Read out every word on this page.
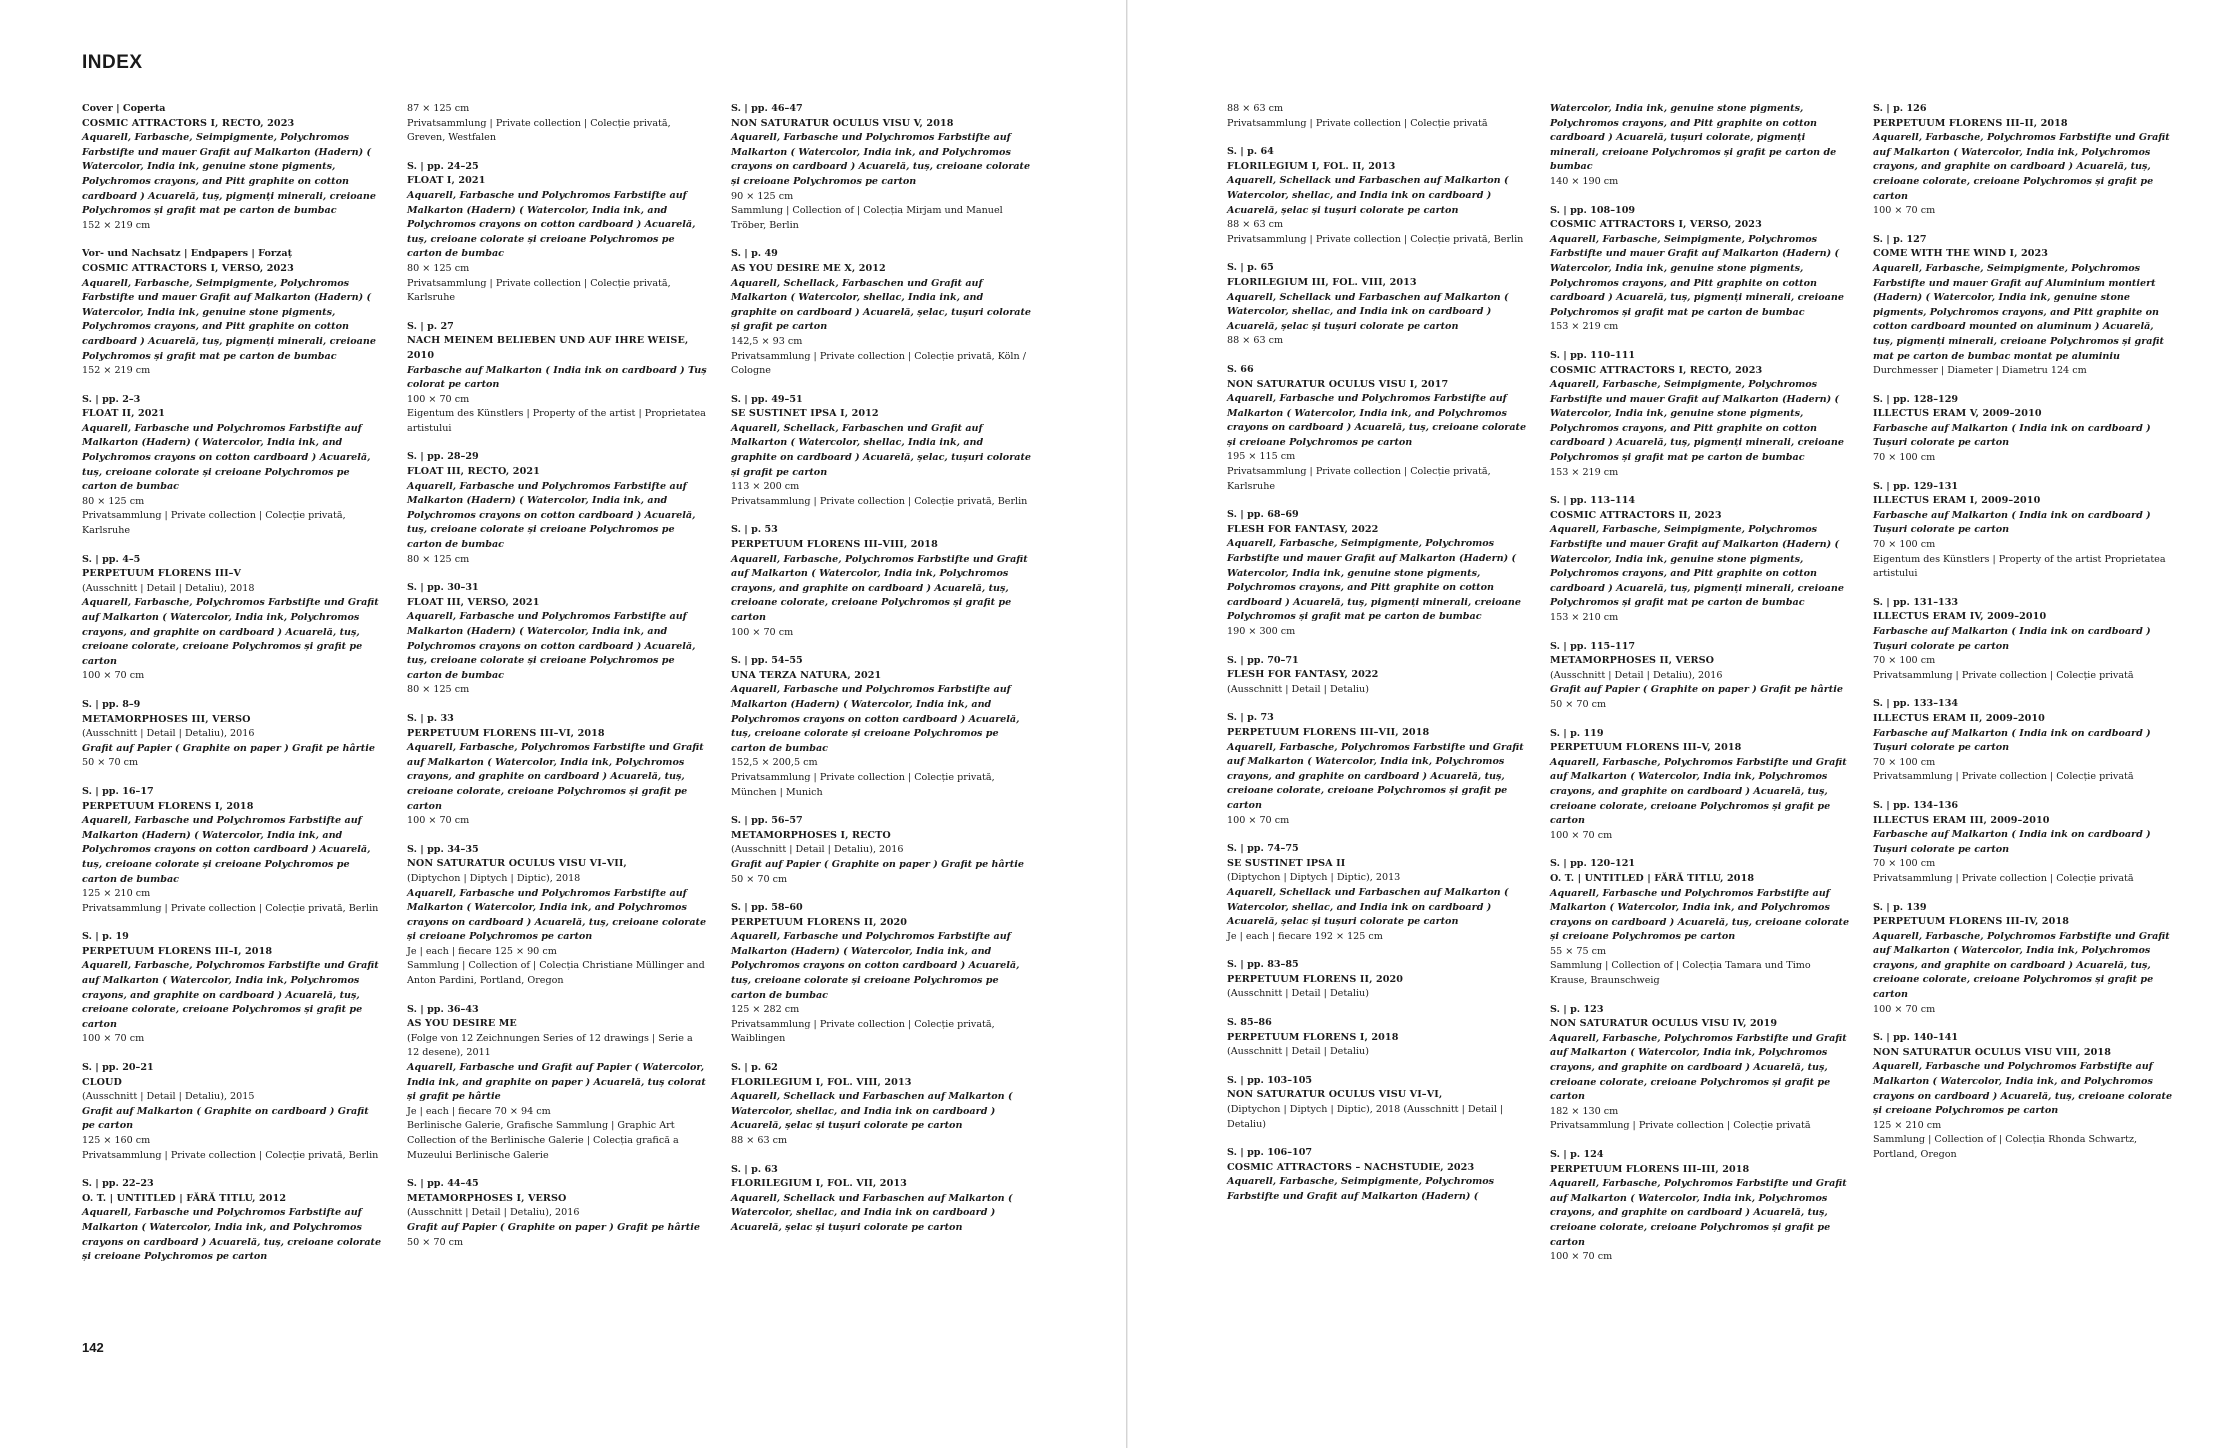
INDEX
Cover | Coperta
COSMIC ATTRACTORS I, RECTO, 2023
Aquarell, Farbasche, Seimpigmente, Polychromos Farbstifte und mauer Grafit auf Malkarton (Hadern) ( Watercolor, India ink, genuine stone pigments, Polychromos crayons, and Pitt graphite on cotton cardboard ) Acuarelă, tuș, pigmenți minerali, creioane Polychromos și grafit mat pe carton de bumbac
152 × 219 cm
Vor- und Nachsatz | Endpapers | Forzaț
COSMIC ATTRACTORS I, VERSO, 2023
Aquarell, Farbasche, Seimpigmente, Polychromos Farbstifte und mauer Grafit auf Malkarton (Hadern) ( Watercolor, India ink, genuine stone pigments, Polychromos crayons, and Pitt graphite on cotton cardboard ) Acuarelă, tuș, pigmenți minerali, creioane Polychromos și grafit mat pe carton de bumbac
152 × 219 cm
S. | pp. 2–3
FLOAT II, 2021
Aquarell, Farbasche und Polychromos Farbstifte auf Malkarton (Hadern) ( Watercolor, India ink, and Polychromos crayons on cotton cardboard ) Acuarelă, tuș, creioane colorate și creioane Polychromos pe carton de bumbac
80 × 125 cm
Privatsammlung | Private collection | Colecție privată, Karlsruhe
S. | pp. 4–5
PERPETUUM FLORENS III–V
(Ausschnitt | Detail | Detaliu), 2018
Aquarell, Farbasche, Polychromos Farbstifte und Grafit auf Malkarton ( Watercolor, India ink, Polychromos crayons, and graphite on cardboard ) Acuarelă, tuș, creioane colorate, creioane Polychromos și grafit pe carton
100 × 70 cm
S. | pp. 8–9
METAMORPHOSES III, VERSO
(Ausschnitt | Detail | Detaliu), 2016
Grafit auf Papier ( Graphite on paper ) Grafit pe hârtie
50 × 70 cm
S. | pp. 16–17
PERPETUUM FLORENS I, 2018
Aquarell, Farbasche und Polychromos Farbstifte auf Malkarton (Hadern) ( Watercolor, India ink, and Polychromos crayons on cotton cardboard ) Acuarelă, tuș, creioane colorate și creioane Polychromos pe carton de bumbac
125 × 210 cm
Privatsammlung | Private collection | Colecție privată, Berlin
S. | p. 19
PERPETUUM FLORENS III–I, 2018
Aquarell, Farbasche, Polychromos Farbstifte und Grafit auf Malkarton ( Watercolor, India ink, Polychromos crayons, and graphite on cardboard ) Acuarelă, tuș, creioane colorate, creioane Polychromos și grafit pe carton
100 × 70 cm
S. | pp. 20–21
CLOUD
(Ausschnitt | Detail | Detaliu), 2015
Grafit auf Malkarton ( Graphite on cardboard ) Grafit pe carton
125 × 160 cm
Privatsammlung | Private collection | Colecție privată, Berlin
S. | pp. 22–23
O. T. | UNTITLED | FĂRĂ TITLU, 2012
Aquarell, Farbasche und Polychromos Farbstifte auf Malkarton ( Watercolor, India ink, and Polychromos crayons on cardboard ) Acuarelă, tuș, creioane colorate și creioane Polychromos pe carton
87 × 125 cm
Privatsammlung | Private collection | Colecție privată, Greven, Westfalen
S. | pp. 24–25
FLOAT I, 2021
Aquarell, Farbasche und Polychromos Farbstifte auf Malkarton (Hadern) ( Watercolor, India ink, and Polychromos crayons on cotton cardboard ) Acuarelă, tuș, creioane colorate și creioane Polychromos pe carton de bumbac
80 × 125 cm
Privatsammlung | Private collection | Colecție privată, Karlsruhe
S. | p. 27
NACH MEINEM BELIEBEN UND AUF IHRE WEISE, 2010
Farbasche auf Malkarton ( India ink on cardboard ) Tuș colorat pe carton
100 × 70 cm
Eigentum des Künstlers | Property of the artist | Proprietatea artistului
S. | pp. 28–29
FLOAT III, RECTO, 2021
Aquarell, Farbasche und Polychromos Farbstifte auf Malkarton (Hadern) ( Watercolor, India ink, and Polychromos crayons on cotton cardboard ) Acuarelă, tuș, creioane colorate și creioane Polychromos pe carton de bumbac
80 × 125 cm
S. | pp. 30–31
FLOAT III, VERSO, 2021
Aquarell, Farbasche und Polychromos Farbstifte auf Malkarton (Hadern) ( Watercolor, India ink, and Polychromos crayons on cotton cardboard ) Acuarelă, tuș, creioane colorate și creioane Polychromos pe carton de bumbac
80 × 125 cm
S. | p. 33
PERPETUUM FLORENS III–VI, 2018
Aquarell, Farbasche, Polychromos Farbstifte und Grafit auf Malkarton ( Watercolor, India ink, Polychromos crayons, and graphite on cardboard ) Acuarelă, tuș, creioane colorate, creioane Polychromos și grafit pe carton
100 × 70 cm
S. | pp. 34–35
NON SATURATUR OCULUS VISU VI–VII,
(Diptychon | Diptych | Diptic), 2018
Aquarell, Farbasche und Polychromos Farbstifte auf Malkarton ( Watercolor, India ink, and Polychromos crayons on cardboard ) Acuarelă, tuș, creioane colorate și creioane Polychromos pe carton
Je | each | fiecare 125 × 90 cm
Sammlung | Collection of | Colecția Christiane Müllinger and Anton Pardini, Portland, Oregon
S. | pp. 36–43
AS YOU DESIRE ME
(Folge von 12 Zeichnungen Series of 12 drawings | Serie a 12 desene), 2011
Aquarell, Farbasche und Grafit auf Papier ( Watercolor, India ink, and graphite on paper ) Acuarelă, tuș colorat și grafit pe hârtie
Je | each | fiecare 70 × 94 cm
Berlinische Galerie, Grafische Sammlung | Graphic Art Collection of the Berlinische Galerie | Colecția grafică a Muzeului Berlinische Galerie
S. | pp. 44–45
METAMORPHOSES I, VERSO
(Ausschnitt | Detail | Detaliu), 2016
Grafit auf Papier ( Graphite on paper ) Grafit pe hârtie
50 × 70 cm
S. | pp. 46–47
NON SATURATUR OCULUS VISU V, 2018
Aquarell, Farbasche und Polychromos Farbstifte auf Malkarton ( Watercolor, India ink, and Polychromos crayons on cardboard ) Acuarelă, tuș, creioane colorate și creioane Polychromos pe carton
90 × 125 cm
Sammlung | Collection of | Colecția Mirjam und Manuel Tröber, Berlin
S. | p. 49
AS YOU DESIRE ME X, 2012
Aquarell, Schellack, Farbaschen und Grafit auf Malkarton ( Watercolor, shellac, India ink, and graphite on cardboard ) Acuarelă, șelac, tușuri colorate și grafit pe carton
142,5 × 93 cm
Privatsammlung | Private collection | Colecție privată, Köln / Cologne
S. | pp. 49–51
SE SUSTINET IPSA I, 2012
Aquarell, Schellack, Farbaschen und Grafit auf Malkarton ( Watercolor, shellac, India ink, and graphite on cardboard ) Acuarelă, șelac, tușuri colorate și grafit pe carton
113 × 200 cm
Privatsammlung | Private collection | Colecție privată, Berlin
S. | p. 53
PERPETUUM FLORENS III–VIII, 2018
Aquarell, Farbasche, Polychromos Farbstifte und Grafit auf Malkarton ( Watercolor, India ink, Polychromos crayons, and graphite on cardboard ) Acuarelă, tuș, creioane colorate, creioane Polychromos și grafit pe carton
100 × 70 cm
S. | pp. 54–55
UNA TERZA NATURA, 2021
Aquarell, Farbasche und Polychromos Farbstifte auf Malkarton (Hadern) ( Watercolor, India ink, and Polychromos crayons on cotton cardboard ) Acuarelă, tuș, creioane colorate și creioane Polychromos pe carton de bumbac
152,5 × 200,5 cm
Privatsammlung | Private collection | Colecție privată, München | Munich
S. | pp. 56–57
METAMORPHOSES I, RECTO
(Ausschnitt | Detail | Detaliu), 2016
Grafit auf Papier ( Graphite on paper ) Grafit pe hârtie
50 × 70 cm
S. | pp. 58–60
PERPETUUM FLORENS II, 2020
Aquarell, Farbasche und Polychromos Farbstifte auf Malkarton (Hadern) ( Watercolor, India ink, and Polychromos crayons on cotton cardboard ) Acuarelă, tuș, creioane colorate și creioane Polychromos pe carton de bumbac
125 × 282 cm
Privatsammlung | Private collection | Colecție privată, Waiblingen
S. | p. 62
FLORILEGIUM I, FOL. VIII, 2013
Aquarell, Schellack und Farbaschen auf Malkarton ( Watercolor, shellac, and India ink on cardboard ) Acuarelă, șelac și tușuri colorate pe carton
88 × 63 cm
S. | p. 63
FLORILEGIUM I, FOL. VII, 2013
Aquarell, Schellack und Farbaschen auf Malkarton ( Watercolor, shellac, and India ink on cardboard ) Acuarelă, șelac și tușuri colorate pe carton
142
88 × 63 cm
Privatsammlung | Private collection | Colecție privată
S. | p. 64
FLORILEGIUM I, FOL. II, 2013
Aquarell, Schellack und Farbaschen auf Malkarton ( Watercolor, shellac, and India ink on cardboard ) Acuarelă, șelac și tușuri colorate pe carton
88 × 63 cm
Privatsammlung | Private collection | Colecție privată, Berlin
S. | p. 65
FLORILEGIUM III, FOL. VIII, 2013
Aquarell, Schellack und Farbaschen auf Malkarton ( Watercolor, shellac, and India ink on cardboard ) Acuarelă, șelac și tușuri colorate pe carton
88 × 63 cm
S. 66
NON SATURATUR OCULUS VISU I, 2017
Aquarell, Farbasche und Polychromos Farbstifte auf Malkarton ( Watercolor, India ink, and Polychromos crayons on cardboard ) Acuarelă, tuș, creioane colorate și creioane Polychromos pe carton
195 × 115 cm
Privatsammlung | Private collection | Colecție privată, Karlsruhe
S. | pp. 68–69
FLESH FOR FANTASY, 2022
Aquarell, Farbasche, Seimpigmente, Polychromos Farbstifte und mauer Grafit auf Malkarton (Hadern) ( Watercolor, India ink, genuine stone pigments, Polychromos crayons, and Pitt graphite on cotton cardboard ) Acuarelă, tuș, pigmenți minerali, creioane Polychromos și grafit mat pe carton de bumbac
190 × 300 cm
S. | pp. 70–71
FLESH FOR FANTASY, 2022
(Ausschnitt | Detail | Detaliu)
S. | p. 73
PERPETUUM FLORENS III–VII, 2018
Aquarell, Farbasche, Polychromos Farbstifte und Grafit auf Malkarton ( Watercolor, India ink, Polychromos crayons, and graphite on cardboard ) Acuarelă, tuș, creioane colorate, creioane Polychromos și grafit pe carton
100 × 70 cm
S. | pp. 74–75
SE SUSTINET IPSA II
(Diptychon | Diptych | Diptic), 2013
Aquarell, Schellack und Farbaschen auf Malkarton ( Watercolor, shellac, and India ink on cardboard ) Acuarelă, șelac și tușuri colorate pe carton
Je | each | fiecare 192 × 125 cm
S. | pp. 83–85
PERPETUUM FLORENS II, 2020
(Ausschnitt | Detail | Detaliu)
S. 85–86
PERPETUUM FLORENS I, 2018
(Ausschnitt | Detail | Detaliu)
S. | pp. 103–105
NON SATURATUR OCULUS VISU VI–VI,
(Diptychon | Diptych | Diptic), 2018 (Ausschnitt | Detail | Detaliu)
S. | pp. 106–107
COSMIC ATTRACTORS – NACHSTUDIE, 2023
Aquarell, Farbasche, Seimpigmente, Polychromos Farbstifte und Grafit auf Malkarton (Hadern) (
Watercolor, India ink, genuine stone pigments, Polychromos crayons, and Pitt graphite on cotton cardboard ) Acuarelă, tușuri colorate, pigmenți minerali, creioane Polychromos și grafit pe carton de bumbac
140 × 190 cm
S. | pp. 108–109
COSMIC ATTRACTORS I, VERSO, 2023
Aquarell, Farbasche, Seimpigmente, Polychromos Farbstifte und mauer Grafit auf Malkarton (Hadern) ( Watercolor, India ink, genuine stone pigments, Polychromos crayons, and Pitt graphite on cotton cardboard ) Acuarelă, tuș, pigmenți minerali, creioane Polychromos și grafit mat pe carton de bumbac
153 × 219 cm
S. | pp. 110–111
COSMIC ATTRACTORS I, RECTO, 2023
Aquarell, Farbasche, Seimpigmente, Polychromos Farbstifte und mauer Grafit auf Malkarton (Hadern) ( Watercolor, India ink, genuine stone pigments, Polychromos crayons, and Pitt graphite on cotton cardboard ) Acuarelă, tuș, pigmenți minerali, creioane Polychromos și grafit mat pe carton de bumbac
153 × 219 cm
S. | pp. 113–114
COSMIC ATTRACTORS II, 2023
Aquarell, Farbasche, Seimpigmente, Polychromos Farbstifte und mauer Grafit auf Malkarton (Hadern) ( Watercolor, India ink, genuine stone pigments, Polychromos crayons, and Pitt graphite on cotton cardboard ) Acuarelă, tuș, pigmenți minerali, creioane Polychromos și grafit mat pe carton de bumbac
153 × 210 cm
S. | pp. 115–117
METAMORPHOSES II, VERSO
(Ausschnitt | Detail | Detaliu), 2016
Grafit auf Papier ( Graphite on paper ) Grafit pe hârtie
50 × 70 cm
S. | p. 119
PERPETUUM FLORENS III–V, 2018
Aquarell, Farbasche, Polychromos Farbstifte und Grafit auf Malkarton ( Watercolor, India ink, Polychromos crayons, and graphite on cardboard ) Acuarelă, tuș, creioane colorate, creioane Polychromos și grafit pe carton
100 × 70 cm
S. | pp. 120–121
O. T. | UNTITLED | FĂRĂ TITLU, 2018
Aquarell, Farbasche und Polychromos Farbstifte auf Malkarton ( Watercolor, India ink, and Polychromos crayons on cardboard ) Acuarelă, tuș, creioane colorate și creioane Polychromos pe carton
55 × 75 cm
Sammlung | Collection of | Colecția Tamara und Timo Krause, Braunschweig
S. | p. 123
NON SATURATUR OCULUS VISU IV, 2019
Aquarell, Farbasche, Polychromos Farbstifte und Grafit auf Malkarton ( Watercolor, India ink, Polychromos crayons, and graphite on cardboard ) Acuarelă, tuș, creioane colorate, creioane Polychromos și grafit pe carton
182 × 130 cm
Privatsammlung | Private collection | Colecție privată
S. | p. 124
PERPETUUM FLORENS III–III, 2018
Aquarell, Farbasche, Polychromos Farbstifte und Grafit auf Malkarton ( Watercolor, India ink, Polychromos crayons, and graphite on cardboard ) Acuarelă, tuș, creioane colorate, creioane Polychromos și grafit pe carton
100 × 70 cm
S. | p. 126
PERPETUUM FLORENS III–II, 2018
Aquarell, Farbasche, Polychromos Farbstifte und Grafit auf Malkarton ( Watercolor, India ink, Polychromos crayons, and graphite on cardboard ) Acuarelă, tuș, creioane colorate, creioane Polychromos și grafit pe carton
100 × 70 cm
S. | p. 127
COME WITH THE WIND I, 2023
Aquarell, Farbasche, Seimpigmente, Polychromos Farbstifte und mauer Grafit auf Aluminium montiert (Hadern) ( Watercolor, India ink, genuine stone pigments, Polychromos crayons, and Pitt graphite on cotton cardboard mounted on aluminum ) Acuarelă, tuș, pigmenți minerali, creioane Polychromos și grafit mat pe carton de bumbac montat pe aluminiu
Durchmesser | Diameter | Diametru 124 cm
S. | pp. 128–129
ILLECTUS ERAM V, 2009–2010
Farbasche auf Malkarton ( India ink on cardboard ) Tușuri colorate pe carton
70 × 100 cm
S. | pp. 129–131
ILLECTUS ERAM I, 2009–2010
Farbasche auf Malkarton ( India ink on cardboard ) Tușuri colorate pe carton
70 × 100 cm
Eigentum des Künstlers | Property of the artist Proprietatea artistului
S. | pp. 131–133
ILLECTUS ERAM IV, 2009–2010
Farbasche auf Malkarton ( India ink on cardboard ) Tușuri colorate pe carton
70 × 100 cm
Privatsammlung | Private collection | Colecție privată
S. | pp. 133–134
ILLECTUS ERAM II, 2009–2010
Farbasche auf Malkarton ( India ink on cardboard ) Tușuri colorate pe carton
70 × 100 cm
Privatsammlung | Private collection | Colecție privată
S. | pp. 134–136
ILLECTUS ERAM III, 2009–2010
Farbasche auf Malkarton ( India ink on cardboard ) Tușuri colorate pe carton
70 × 100 cm
Privatsammlung | Private collection | Colecție privată
S. | p. 139
PERPETUUM FLORENS III–IV, 2018
Aquarell, Farbasche, Polychromos Farbstifte und Grafit auf Malkarton ( Watercolor, India ink, Polychromos crayons, and graphite on cardboard ) Acuarelă, tuș, creioane colorate, creioane Polychromos și grafit pe carton
100 × 70 cm
S. | pp. 140–141
NON SATURATUR OCULUS VISU VIII, 2018
Aquarell, Farbasche und Polychromos Farbstifte auf Malkarton ( Watercolor, India ink, and Polychromos crayons on cardboard ) Acuarelă, tuș, creioane colorate și creioane Polychromos pe carton
125 × 210 cm
Sammlung | Collection of | Colecția Rhonda Schwartz, Portland, Oregon
